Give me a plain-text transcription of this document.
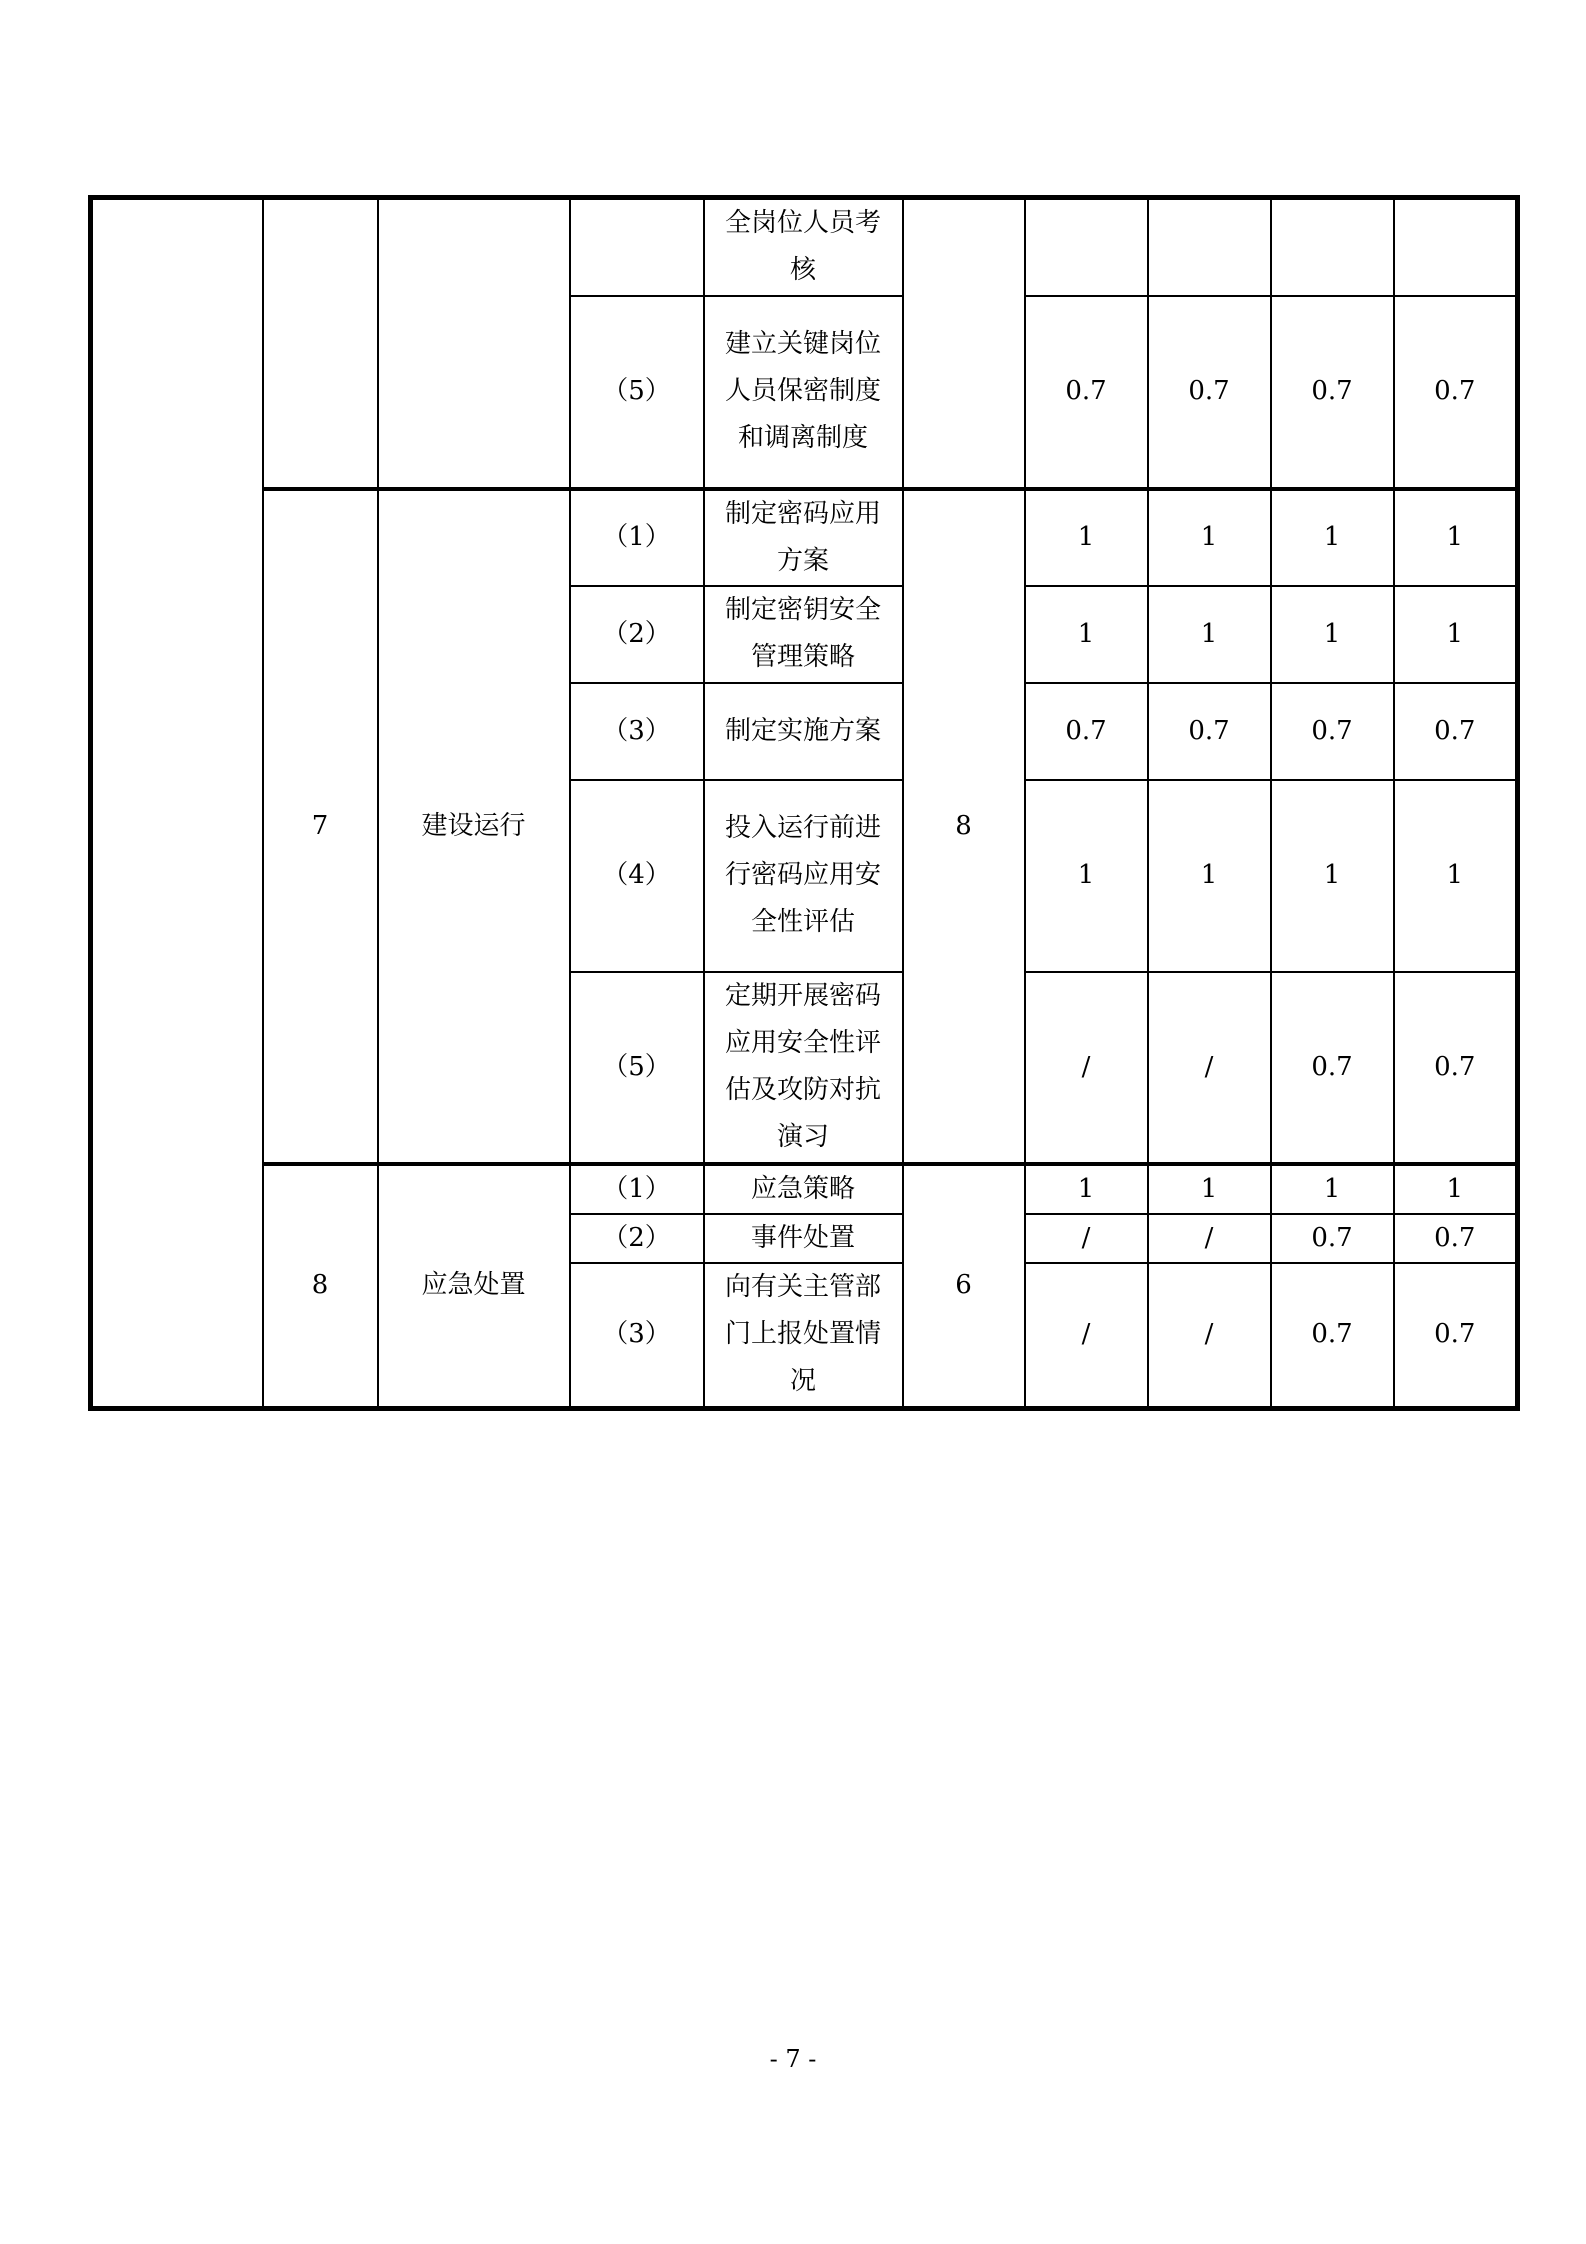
				全岗位人员考核					
			（5）	建立关键岗位人员保密制度和调离制度		0.7	0.7	0.7	0.7
	7	建设运行	（1）	制定密码应用方案	8	1	1	1	1
			（2）	制定密钥安全管理策略		1	1	1	1
			（3）	制定实施方案		0.7	0.7	0.7	0.7
			（4）	投入运行前进行密码应用安全性评估		1	1	1	1
			（5）	定期开展密码应用安全性评估及攻防对抗演习		/	/	0.7	0.7
	8	应急处置	（1）	应急策略	6	1	1	1	1
			（2）	事件处置		/	/	0.7	0.7
			（3）	向有关主管部门上报处置情况		/	/	0.7	0.7
- 7 -
